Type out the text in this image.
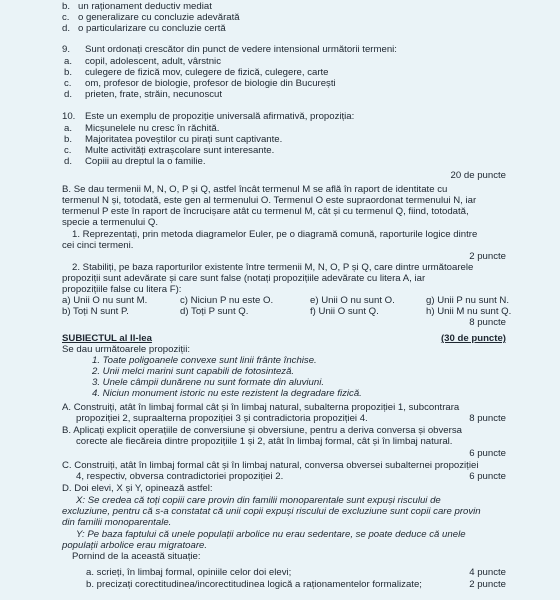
b. un raționament deductiv mediat
c. o generalizare cu concluzie adevărată
d. o particularizare cu concluzie certă
9. Sunt ordonați crescător din punct de vedere intensional următorii termeni:
a. copil, adolescent, adult, vârstnic
b. culegere de fizică mov, culegere de fizică, culegere, carte
c. om, profesor de biologie, profesor de biologie din București
d. prieten, frate, străin, necunoscut
10. Este un exemplu de propoziție universală afirmativă, propoziția:
a. Micșunelele nu cresc în răchită.
b. Majoritatea poveștilor cu pirați sunt captivante.
c. Multe activități extrașcolare sunt interesante.
d. Copiii au dreptul la o familie.
20 de puncte
B. Se dau termenii M, N, O, P și Q, astfel încât termenul M se află în raport de identitate cu
termenul N și, totodată, este gen al termenului O. Termenul O este supraordonat termenului N, iar
termenul P este în raport de încrucișare atât cu termenul M, cât și cu termenul Q, fiind, totodată,
specie a termenului Q.
1. Reprezentați, prin metoda diagramelor Euler, pe o diagramă comună, raporturile logice dintre
cei cinci termeni.
2 puncte
2. Stabiliți, pe baza raporturilor existente între termenii M, N, O, P și Q, care dintre următoarele
propoziții sunt adevărate și care sunt false (notați propozițiile adevărate cu litera A, iar
propozițiile false cu litera F):
a) Unii O nu sunt M.	c) Niciun P nu este O.	e) Unii O nu sunt O.	g) Unii P nu sunt N.
b) Toți N sunt P.	d) Toți P sunt Q.	f) Unii O sunt Q.	h) Unii M nu sunt Q.
8 puncte
SUBIECTUL al II-lea	(30 de puncte)
Se dau următoarele propoziții:
1. Toate poligoanele convexe sunt linii frânte închise.
2. Unii melci marini sunt capabili de fotosinteză.
3. Unele câmpii dunărene nu sunt formate din aluviuni.
4. Niciun monument istoric nu este rezistent la degradare fizică.
A. Construiți, atât în limbaj formal cât și în limbaj natural, subalterna propoziției 1, subcontrara
propoziției 2, supraalterna propoziției 3 și contradictoria propoziției 4.	8 puncte
B. Aplicați explicit operațiile de conversiune și obversiune, pentru a deriva conversa și obversa
corecte ale fiecăreia dintre propozițiile 1 și 2, atât în limbaj formal, cât și în limbaj natural.
6 puncte
C. Construiți, atât în limbaj formal cât și în limbaj natural, conversa obversei subalternei propoziției
4, respectiv, obversa contradictoriei propoziției 2.	6 puncte
D. Doi elevi, X și Y, opinează astfel:
X: Se credea că toți copiii care provin din familii monoparentale sunt expuși riscului de
excluziune, pentru că s-a constatat că unii copii expuși riscului de excluziune sunt copii care provin
din familii monoparentale.
Y: Pe baza faptului că unele populații arbolice nu erau sedentare, se poate deduce că unele
populații arbolice erau migratoare.
Pornind de la această situație:
a. scrieți, în limbaj formal, opiniile celor doi elevi;	4 puncte
b. precizați corectitudinea/incorectitudinea logică a raționamentelor formalizate;	2 puncte
